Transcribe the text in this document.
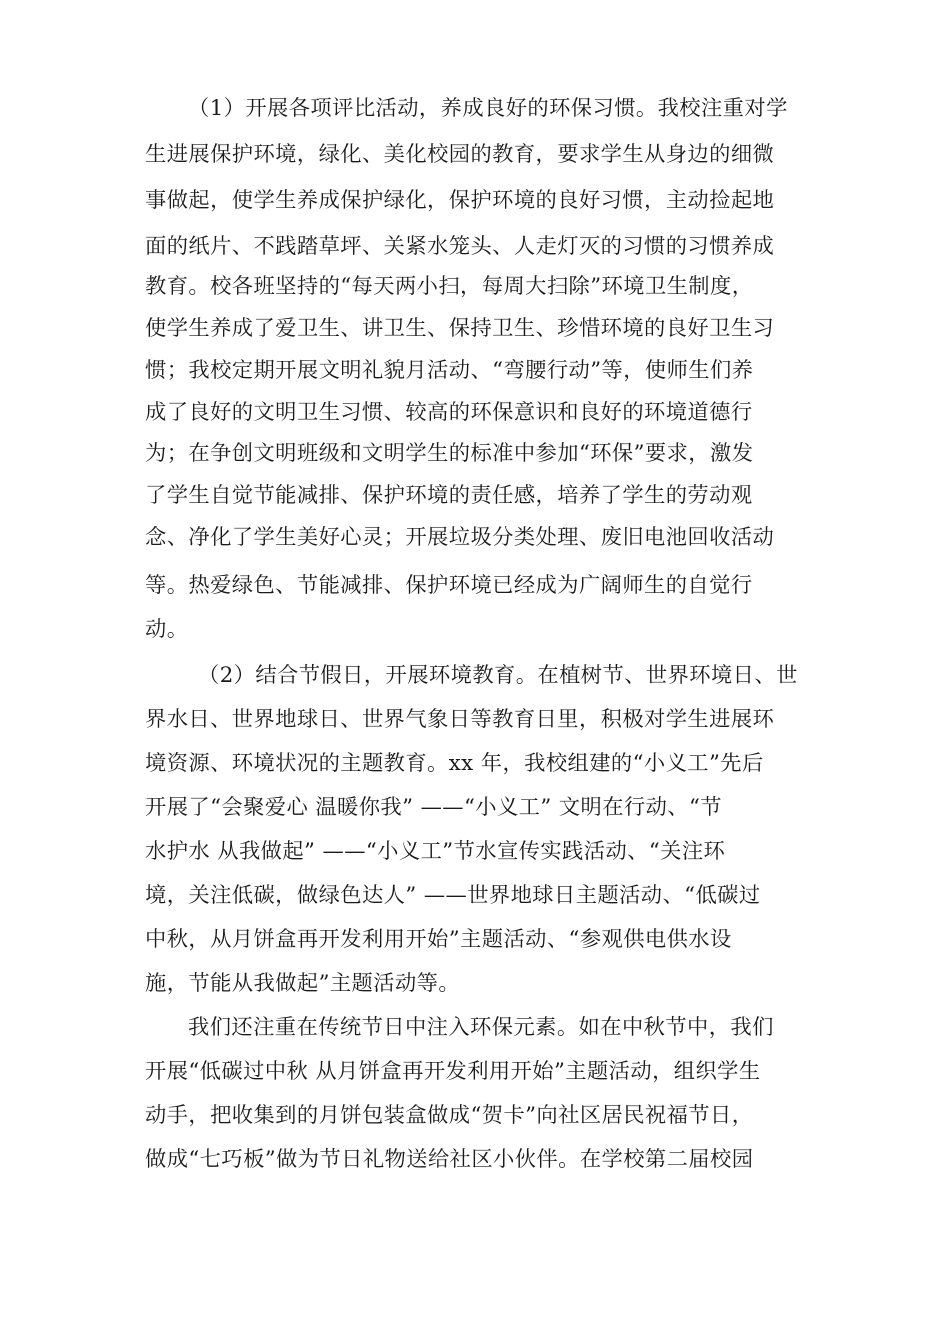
（1）开展各项评比活动，养成良好的环保习惯。我校注重对学
生进展保护环境，绿化、美化校园的教育，要求学生从身边的细微
事做起，使学生养成保护绿化，保护环境的良好习惯，主动捡起地
面的纸片、不践踏草坪、关紧水笼头、人走灯灭的习惯的习惯养成
教育。校各班坚持的“每天两小扫，每周大扫除”环境卫生制度，
使学生养成了爱卫生、讲卫生、保持卫生、珍惜环境的良好卫生习
惯；我校定期开展文明礼貌月活动、“弯腰行动”等，使师生们养
成了良好的文明卫生习惯、较高的环保意识和良好的环境道德行
为；在争创文明班级和文明学生的标准中参加“环保”要求，激发
了学生自觉节能减排、保护环境的责任感，培养了学生的劳动观
念、净化了学生美好心灵；开展垃圾分类处理、废旧电池回收活动
等。热爱绿色、节能减排、保护环境已经成为广阔师生的自觉行
动。
（2）结合节假日，开展环境教育。在植树节、世界环境日、世
界水日、世界地球日、世界气象日等教育日里，积极对学生进展环
境资源、环境状况的主题教育。xx 年，我校组建的“小义工”先后
开展了“会聚爱心 温暖你我” ——“小义工” 文明在行动、“节
水护水 从我做起” ——“小义工”节水宣传实践活动、“关注环
境，关注低碳，做绿色达人” ——世界地球日主题活动、“低碳过
中秋，从月饼盒再开发利用开始”主题活动、“参观供电供水设
施，节能从我做起”主题活动等。
我们还注重在传统节日中注入环保元素。如在中秋节中，我们
开展“低碳过中秋 从月饼盒再开发利用开始”主题活动，组织学生
动手，把收集到的月饼包装盒做成“贺卡”向社区居民祝福节日，
做成“七巧板”做为节日礼物送给社区小伙伴。在学校第二届校园
